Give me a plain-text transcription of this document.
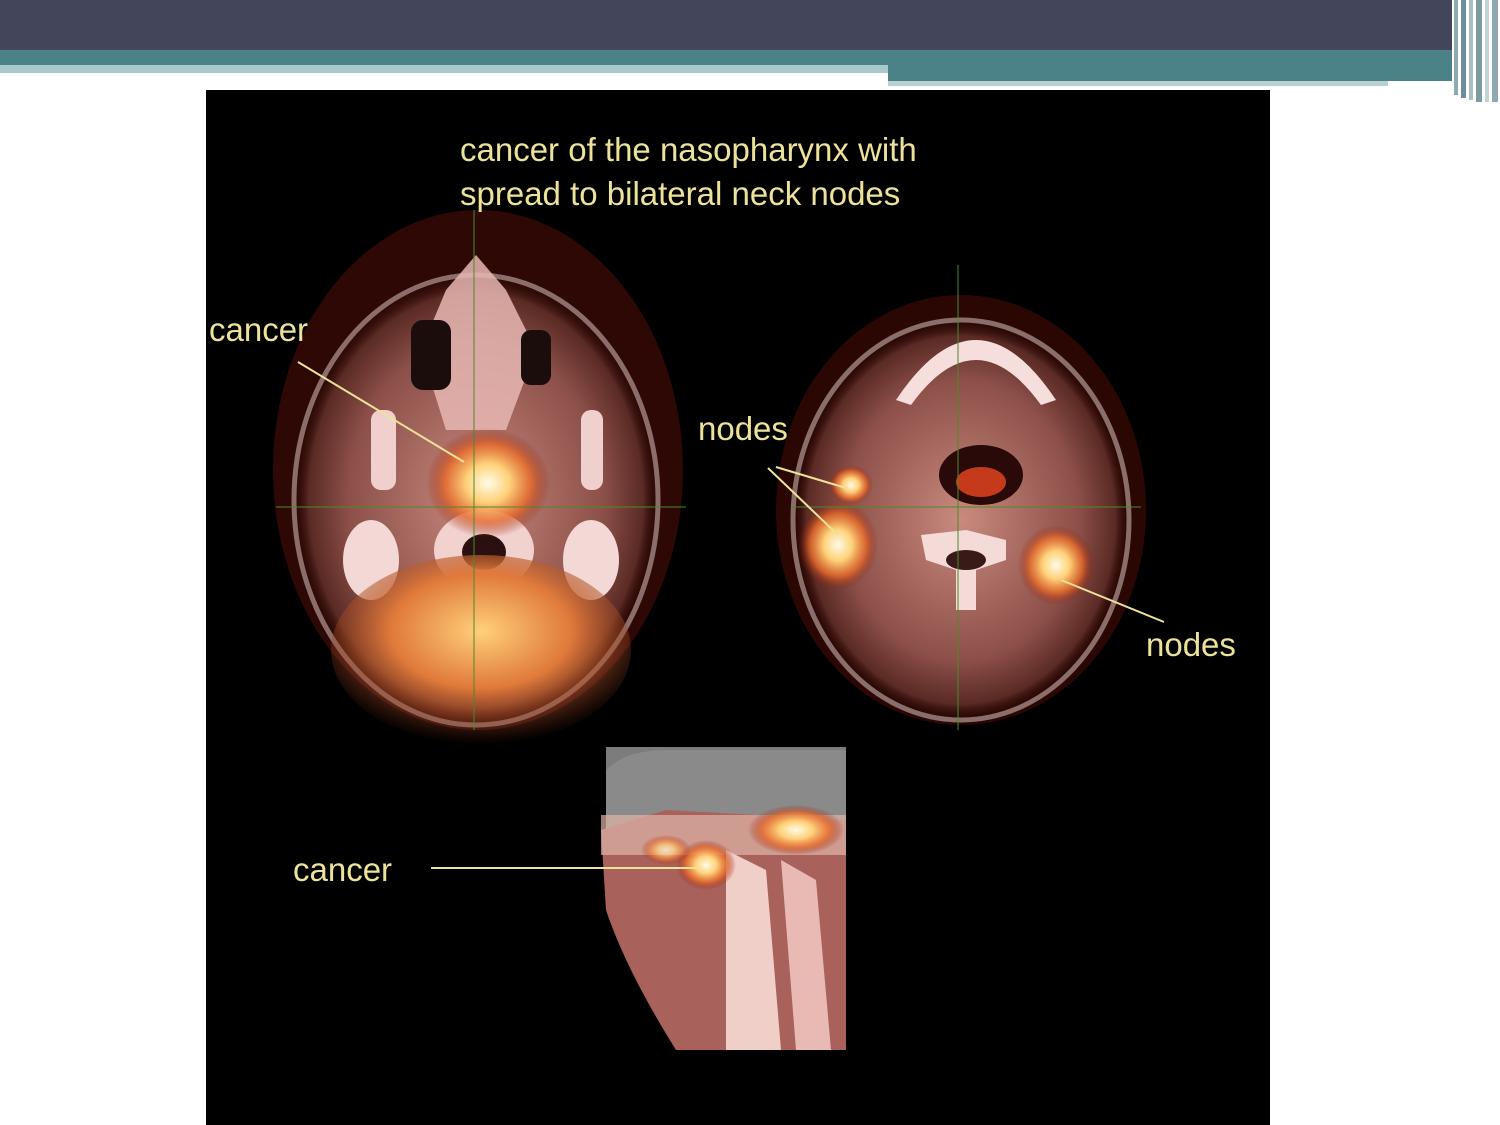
cancer of the nasopharynx with
spread to bilateral neck nodes
cancer
nodes
nodes
cancer
